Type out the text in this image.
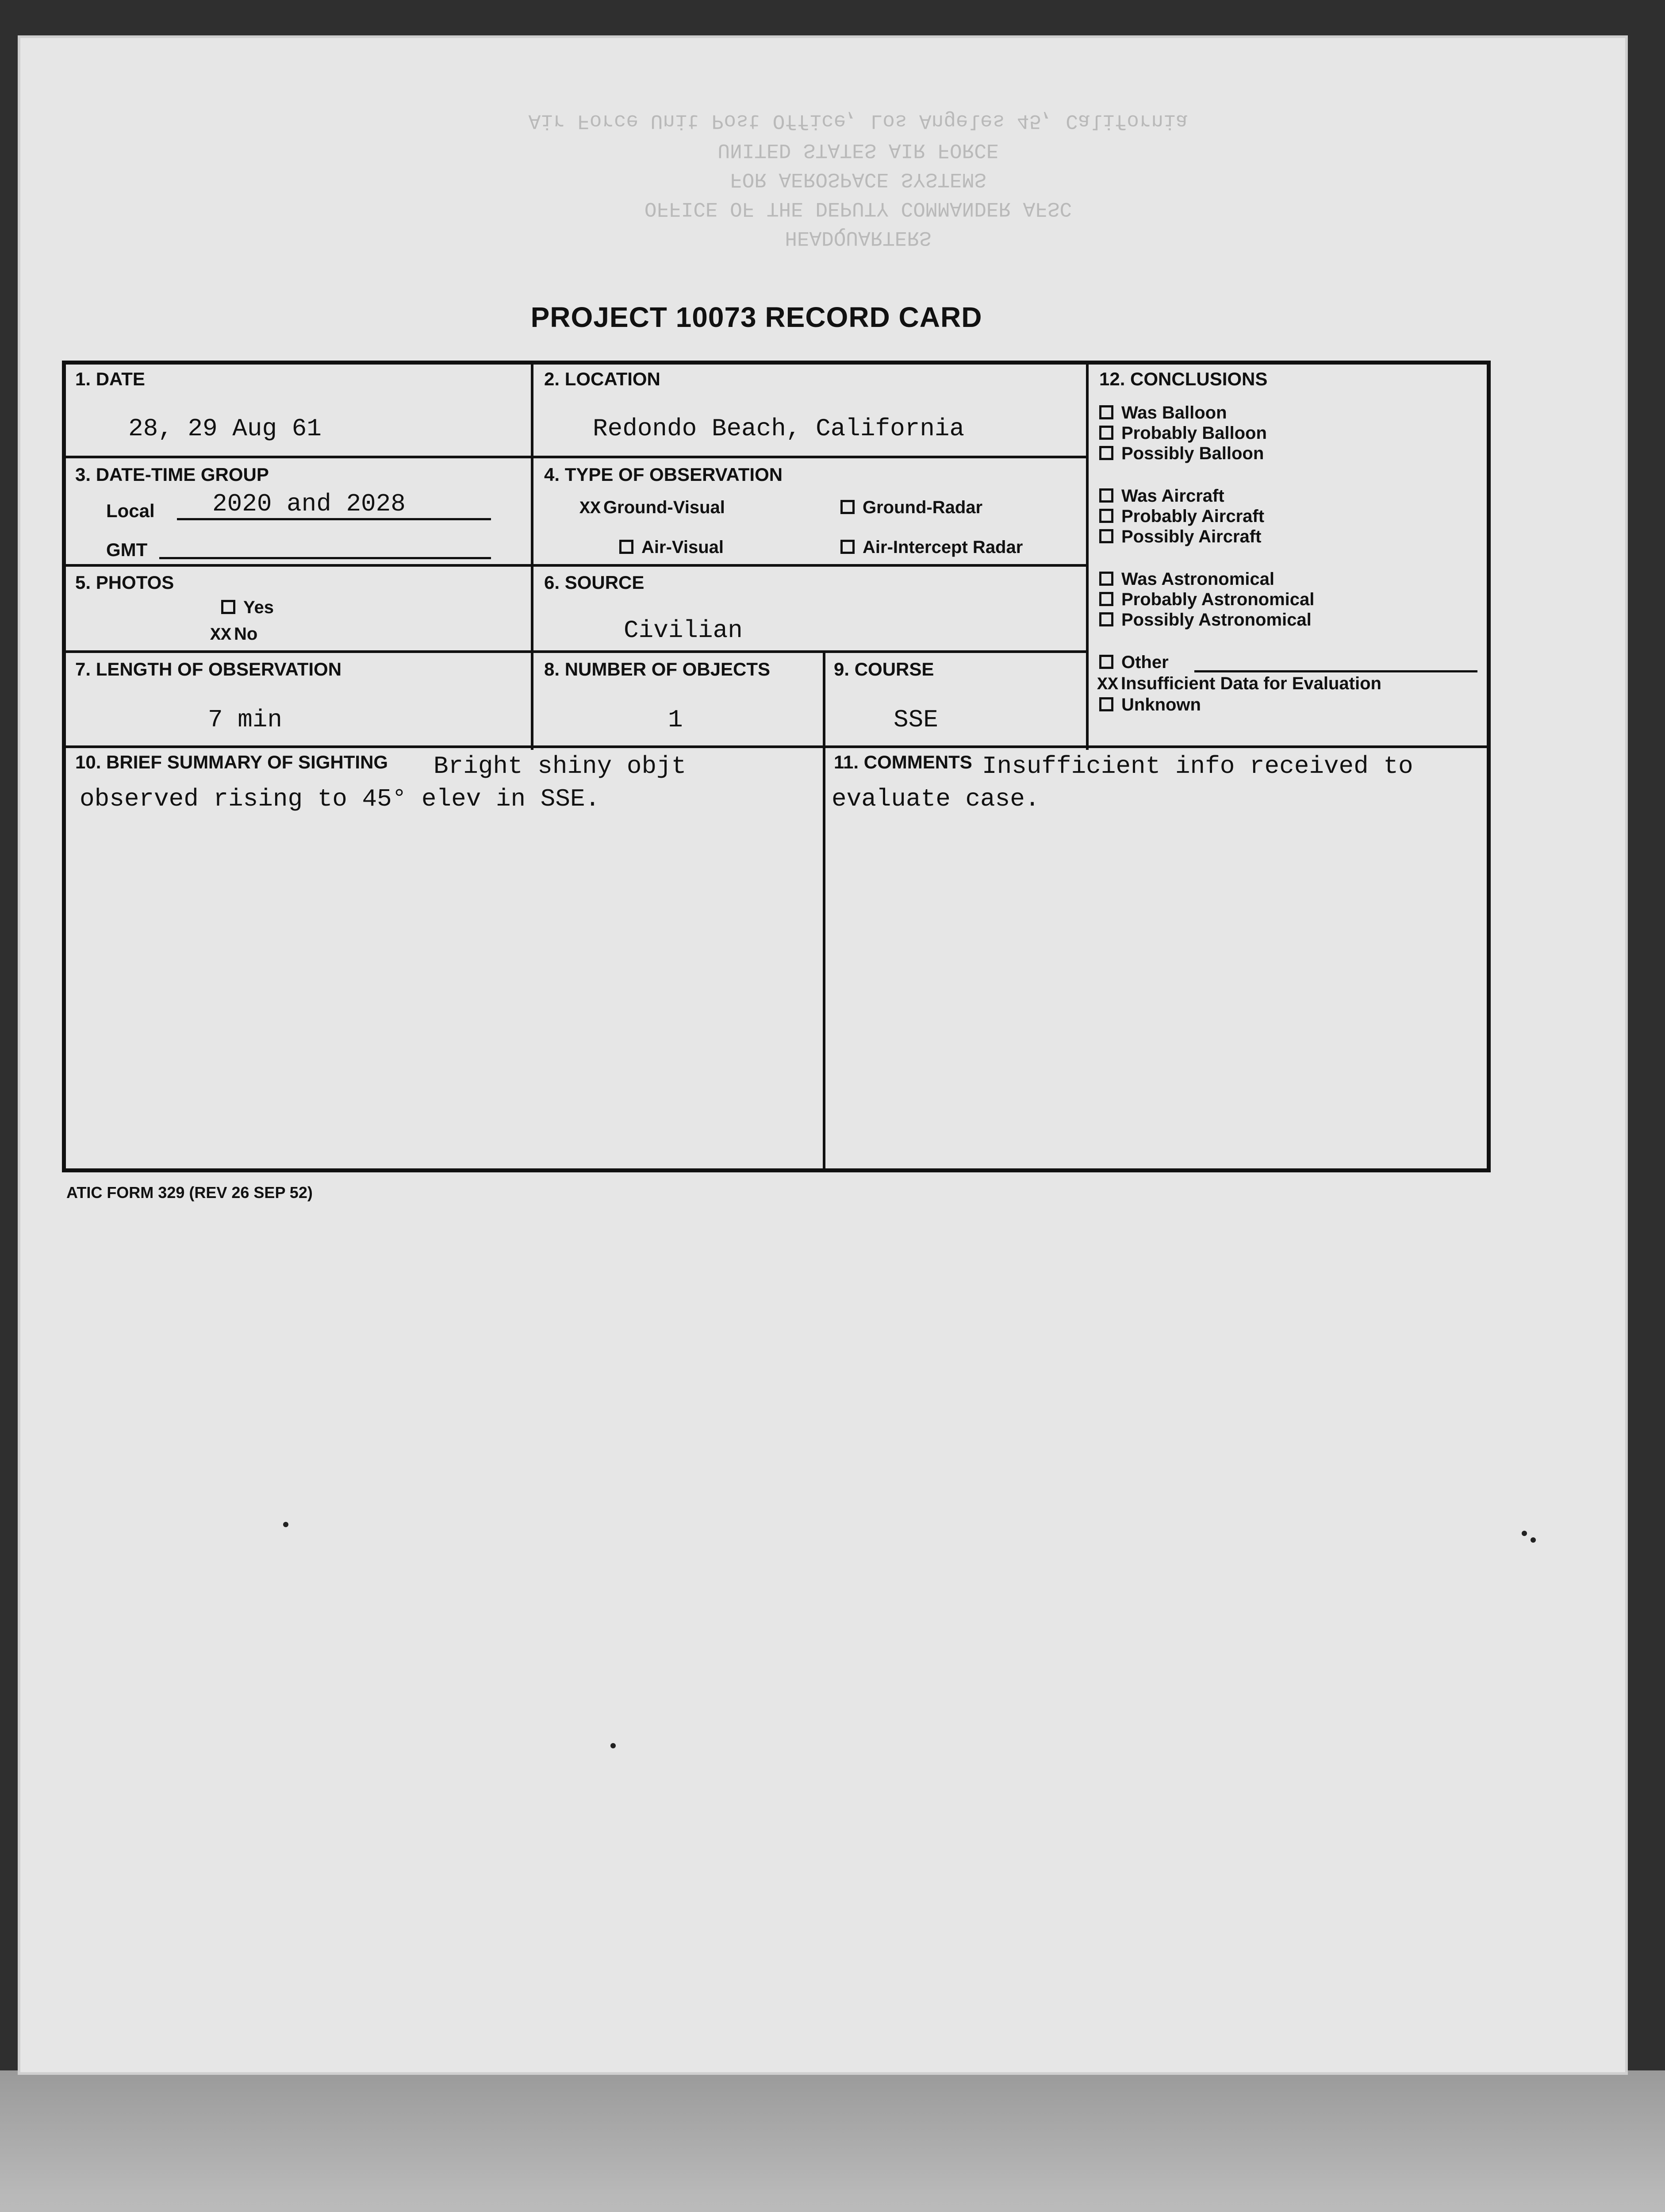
HEADQUARTERS
OFFICE OF THE DEPUTY COMMANDER AFSC
FOR AEROSPACE SYSTEMS
UNITED STATES AIR FORCE
Air Force Unit Post Office, Los Angeles 45, California
PROJECT 10073 RECORD CARD
1. DATE
28, 29 Aug 61
2. LOCATION
Redondo Beach, California
3. DATE-TIME GROUP
Local 2020 and 2028
GMT
4. TYPE OF OBSERVATION
XX Ground-Visual	Ground-Radar
Air-Visual	Air-Intercept Radar
5. PHOTOS
Yes
XX No
6. SOURCE
Civilian
7. LENGTH OF OBSERVATION
7 min
8. NUMBER OF OBJECTS
1
9. COURSE
SSE
10. BRIEF SUMMARY OF SIGHTING	Bright shiny objt observed rising to 45° elev in SSE.
11. COMMENTS Insufficient info received to evaluate case.
12. CONCLUSIONS
Was Balloon
Probably Balloon
Possibly Balloon
Was Aircraft
Probably Aircraft
Possibly Aircraft
Was Astronomical
Probably Astronomical
Possibly Astronomical
Other
XX Insufficient Data for Evaluation
Unknown
ATIC FORM 329 (REV 26 SEP 52)
